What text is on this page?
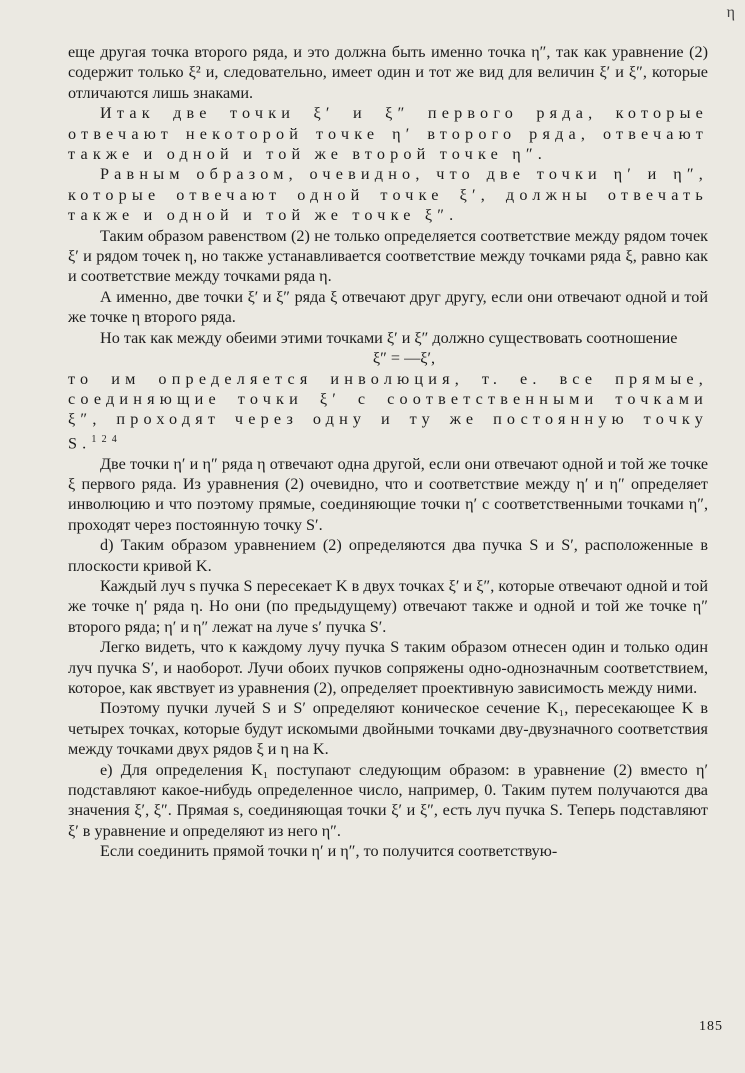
η

еще другая точка второго ряда, и это должна быть именно точка η″, так как уравнение (2) содержит только ξ² и, следовательно, имеет один и тот же вид для величин ξ′ и ξ″, которые отличаются лишь знаками.

Итак две точки ξ′ и ξ″ первого ряда, которые отвечают некоторой точке η′ второго ряда, отвечают также и одной и той же второй точке η″.

Равным образом, очевидно, что две точки η′ и η″, которые отвечают одной точке ξ′, должны отвечать также и одной и той же точке ξ″.

Таким образом равенством (2) не только определяется соответствие между рядом точек ξ′ и рядом точек η, но также устанавливается соответствие между точками ряда ξ, равно как и соответствие между точками ряда η.

А именно, две точки ξ′ и ξ″ ряда ξ отвечают друг другу, если они отвечают одной и той же точке η второго ряда.

Но так как между обеими этими точками ξ′ и ξ″ должно существовать соотношение

ξ″ = —ξ′,

то им определяется инволюция, т. е. все прямые, соединяющие точки ξ′ с соответственными точками ξ″, проходят через одну и ту же постоянную точку S.$^{124}$

Две точки η′ и η″ ряда η отвечают одна другой, если они отвечают одной и той же точке ξ первого ряда. Из уравнения (2) очевидно, что и соответствие между η′ и η″ определяет инволюцию и что поэтому прямые, соединяющие точки η′ с соответственными точками η″, проходят через постоянную точку S′.

d) Таким образом уравнением (2) определяются два пучка S и S′, расположенные в плоскости кривой K.

Каждый луч s пучка S пересекает K в двух точках ξ′ и ξ″, которые отвечают одной и той же точке η′ ряда η. Но они (по предыдущему) отвечают также и одной и той же точке η″ второго ряда; η′ и η″ лежат на луче s′ пучка S′.

Легко видеть, что к каждому лучу пучка S таким образом отнесен один и только один луч пучка S′, и наоборот. Лучи обоих пучков сопряжены одно-однозначным соответствием, которое, как явствует из уравнения (2), определяет проективную зависимость между ними.

Поэтому пучки лучей S и S′ определяют коническое сечение K₁, пересекающее K в четырех точках, которые будут искомыми двойными точками дву-двузначного соответствия между точками двух рядов ξ и η на K.

e) Для определения K₁ поступают следующим образом: в уравнение (2) вместо η′ подставляют какое-нибудь определенное число, например, 0. Таким путем получаются два значения ξ′, ξ″. Прямая s, соединяющая точки ξ′ и ξ″, есть луч пучка S. Теперь подставляют ξ′ в уравнение и определяют из него η″.

Если соединить прямой точки η′ и η″, то получится соответствую-

185
